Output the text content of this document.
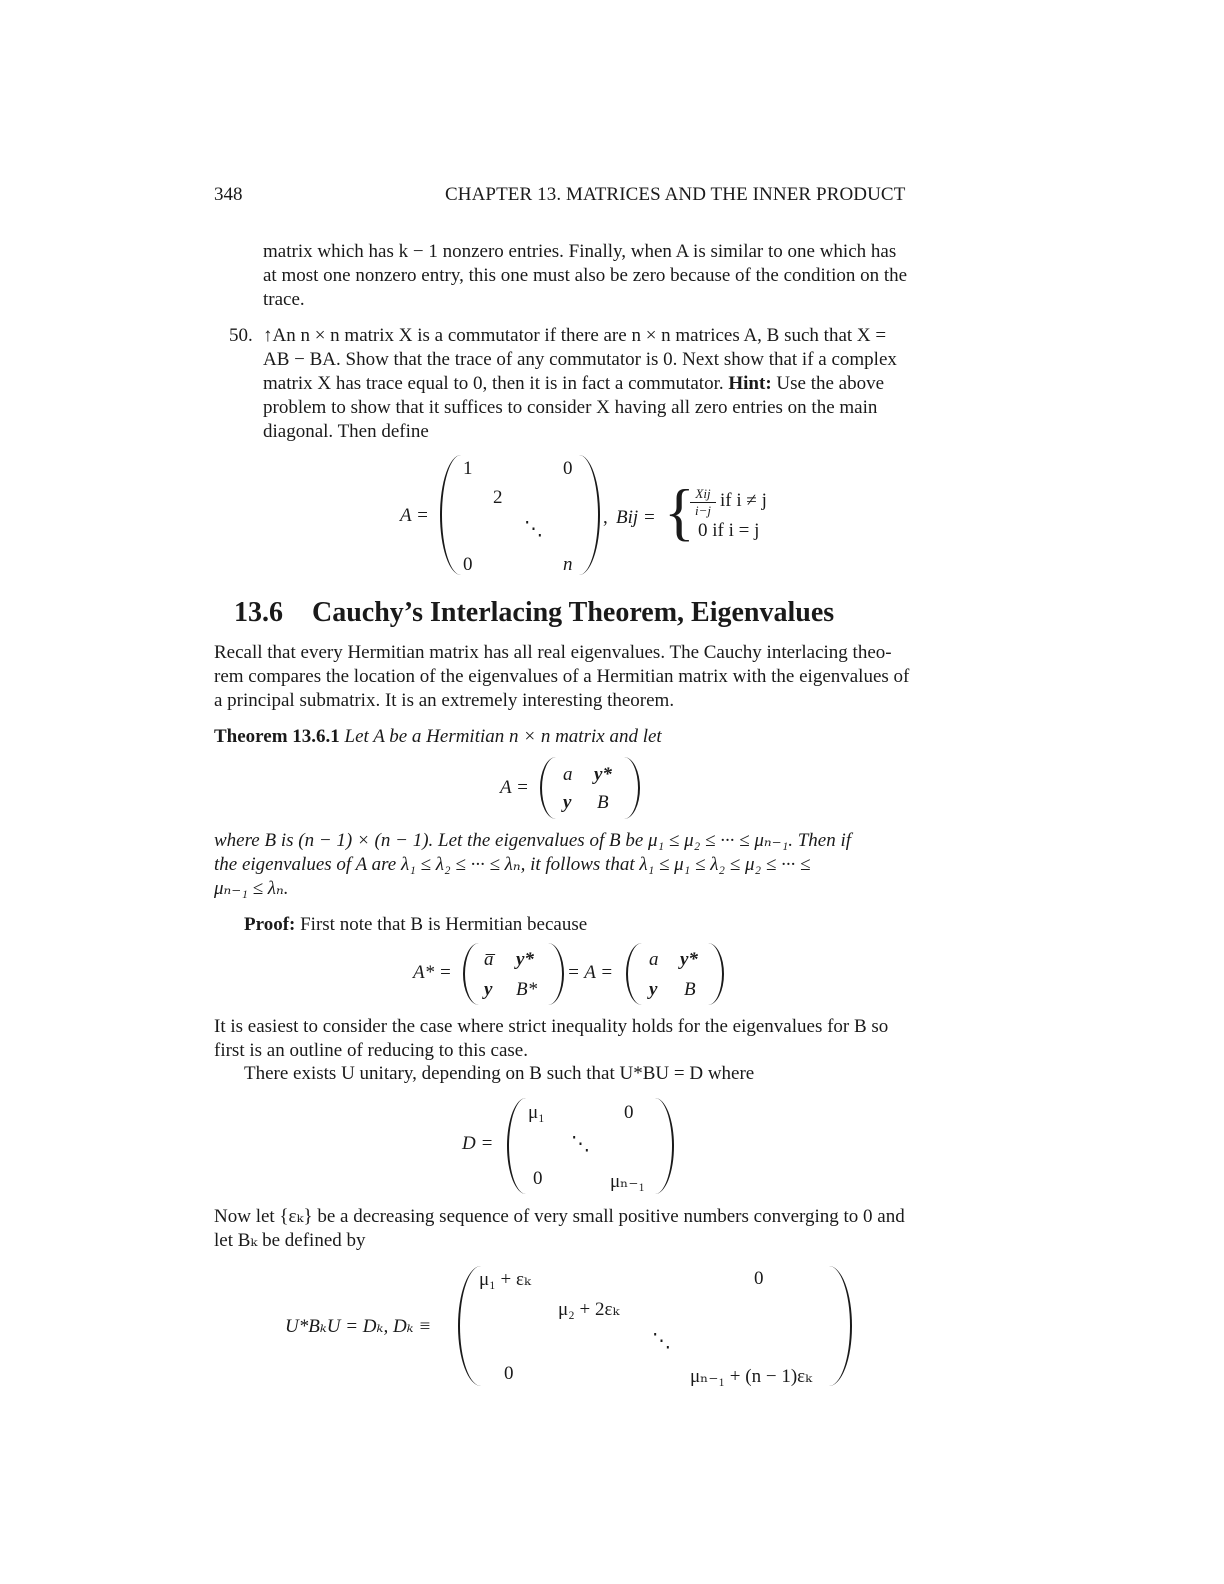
348	CHAPTER 13. MATRICES AND THE INNER PRODUCT
matrix which has k − 1 nonzero entries. Finally, when A is similar to one which has
at most one nonzero entry, this one must also be zero because of the condition on the
trace.
50. ↑An n × n matrix X is a commutator if there are n × n matrices A, B such that X =
AB − BA. Show that the trace of any commutator is 0. Next show that if a complex
matrix X has trace equal to 0, then it is in fact a commutator. Hint: Use the above
problem to show that it suffices to consider X having all zero entries on the main
diagonal. Then define
A =
1	0
2
⋱
0	n
, Bij = { Xij
i−j if i ≠ j
0 if i = j
13.6 Cauchy’s Interlacing Theorem, Eigenvalues
Recall that every Hermitian matrix has all real eigenvalues. The Cauchy interlacing theo-
rem compares the location of the eigenvalues of a Hermitian matrix with the eigenvalues of
a principal submatrix. It is an extremely interesting theorem.
Theorem 13.6.1 Let A be a Hermitian n × n matrix and let
A =
a y*
y B
where B is (n − 1) × (n − 1). Let the eigenvalues of B be μ₁ ≤ μ₂ ≤ ··· ≤ μₙ₋₁. Then if
the eigenvalues of A are λ₁ ≤ λ₂ ≤ ··· ≤ λₙ, it follows that λ₁ ≤ μ₁ ≤ λ₂ ≤ μ₂ ≤ ··· ≤
μₙ₋₁ ≤ λₙ.
Proof: First note that B is Hermitian because
A* =
a̅ y*
y B*
= A =
a y*
y B
It is easiest to consider the case where strict inequality holds for the eigenvalues for B so
first is an outline of reducing to this case.
There exists U unitary, depending on B such that U*BU = D where
D =
μ₁	0
⋱
0	μₙ₋₁
Now let {εₖ} be a decreasing sequence of very small positive numbers converging to 0 and
let Bₖ be defined by
U*BₖU = Dₖ, Dₖ ≡
μ₁ + εₖ	0
μ₂ + 2εₖ
⋱
0	μₙ₋₁ + (n − 1)εₖ
